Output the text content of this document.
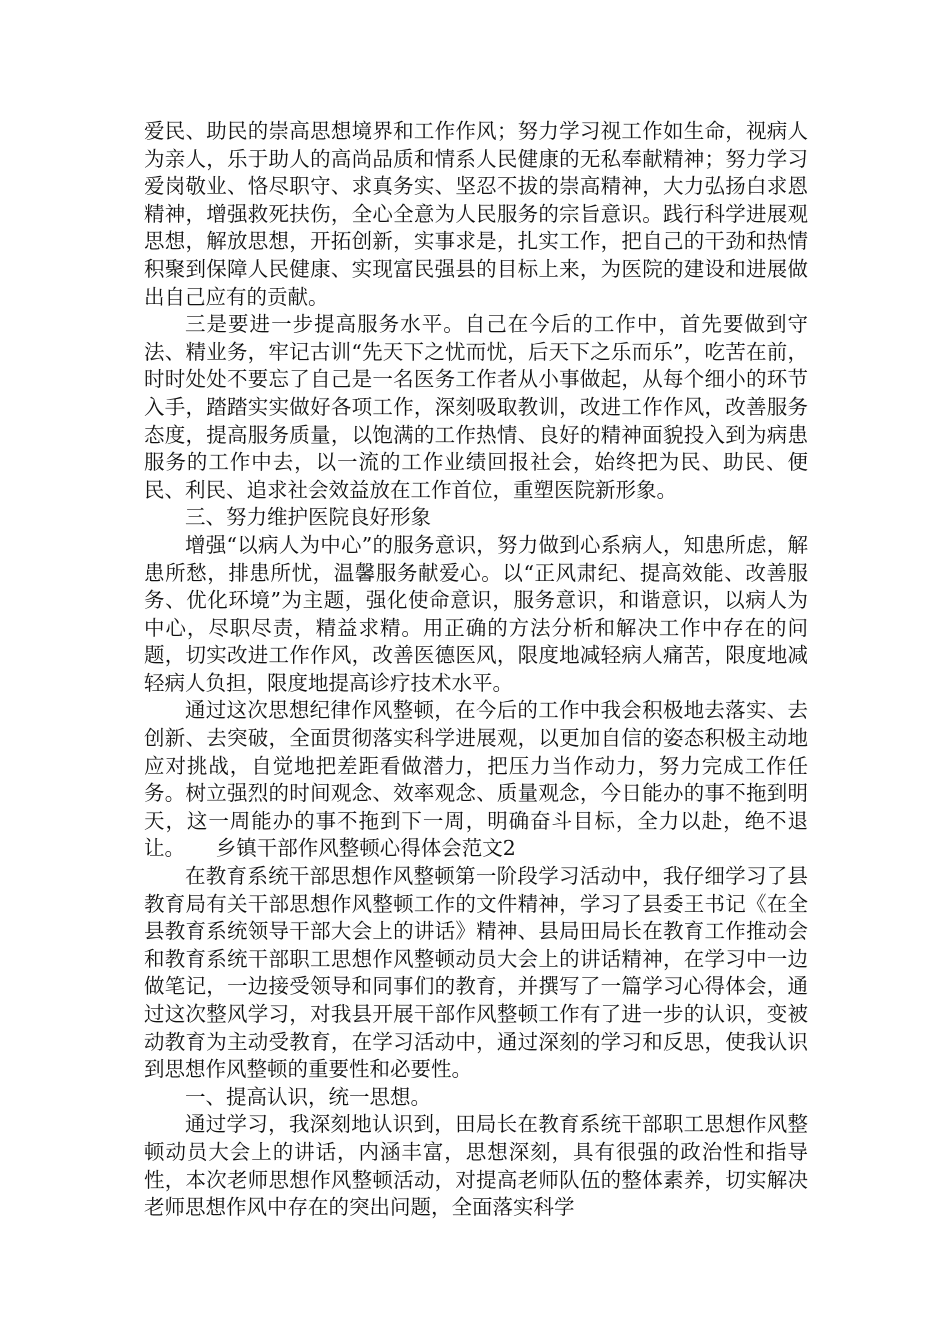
爱民、助民的崇高思想境界和工作作风；努力学习视工作如生命，视病人为亲人，乐于助人的高尚品质和情系人民健康的无私奉献精神；努力学习爱岗敬业、恪尽职守、求真务实、坚忍不拔的崇高精神，大力弘扬白求恩精神，增强救死扶伤，全心全意为人民服务的宗旨意识。践行科学进展观思想，解放思想，开拓创新，实事求是，扎实工作，把自己的干劲和热情积聚到保障人民健康、实现富民强县的目标上来，为医院的建设和进展做出自己应有的贡献。

三是要进一步提高服务水平。自己在今后的工作中，首先要做到守法、精业务，牢记古训“先天下之忧而忧，后天下之乐而乐”，吃苦在前，时时处处不要忘了自己是一名医务工作者从小事做起，从每个细小的环节入手，踏踏实实做好各项工作，深刻吸取教训，改进工作作风，改善服务态度，提高服务质量，以饱满的工作热情、良好的精神面貌投入到为病患服务的工作中去，以一流的工作业绩回报社会，始终把为民、助民、便民、利民、追求社会效益放在工作首位，重塑医院新形象。

三、努力维护医院良好形象

增强“以病人为中心”的服务意识，努力做到心系病人，知患所虑，解患所愁，排患所忧，温馨服务献爱心。以“正风肃纪、提高效能、改善服务、优化环境”为主题，强化使命意识，服务意识，和谐意识，以病人为中心，尽职尽责，精益求精。用正确的方法分析和解决工作中存在的问题，切实改进工作作风，改善医德医风，限度地减轻病人痛苦，限度地减轻病人负担，限度地提高诊疗技术水平。

通过这次思想纪律作风整顿，在今后的工作中我会积极地去落实、去创新、去突破，全面贯彻落实科学进展观，以更加自信的姿态积极主动地应对挑战，自觉地把差距看做潜力，把压力当作动力，努力完成工作任务。树立强烈的时间观念、效率观念、质量观念，今日能办的事不拖到明天，这一周能办的事不拖到下一周，明确奋斗目标，全力以赴，绝不退让。　　乡镇干部作风整顿心得体会范文2

在教育系统干部思想作风整顿第一阶段学习活动中，我仔细学习了县教育局有关干部思想作风整顿工作的文件精神，学习了县委王书记《在全县教育系统领导干部大会上的讲话》精神、县局田局长在教育工作推动会和教育系统干部职工思想作风整顿动员大会上的讲话精神，在学习中一边做笔记，一边接受领导和同事们的教育，并撰写了一篇学习心得体会，通过这次整风学习，对我县开展干部作风整顿工作有了进一步的认识，变被动教育为主动受教育，在学习活动中，通过深刻的学习和反思，使我认识到思想作风整顿的重要性和必要性。

一、提高认识，统一思想。

通过学习，我深刻地认识到，田局长在教育系统干部职工思想作风整顿动员大会上的讲话，内涵丰富，思想深刻，具有很强的政治性和指导性，本次老师思想作风整顿活动，对提高老师队伍的整体素养，切实解决老师思想作风中存在的突出问题，全面落实科学
